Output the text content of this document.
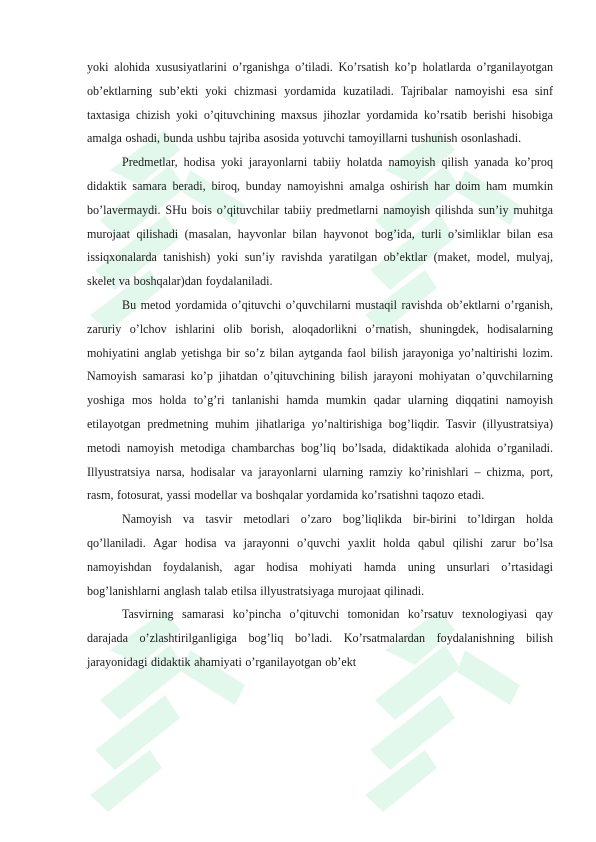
yoki alohida xususiyatlarini o’rganishga o’tiladi. Ko’rsatish ko’p holatlarda o’rganilayotgan ob’ektlarning sub’ekti yoki chizmasi yordamida kuzatiladi. Tajribalar namoyishi esa sinf taxtasiga chizish yoki o’qituvchining maxsus jihozlar yordamida ko’rsatib berishi hisobiga amalga oshadi, bunda ushbu tajriba asosida yotuvchi tamoyillarni tushunish osonlashadi.

Predmetlar, hodisa yoki jarayonlarni tabiiy holatda namoyish qilish yanada ko’proq didaktik samara beradi, biroq, bunday namoyishni amalga oshirish har doim ham mumkin bo’lavermaydi. SHu bois o’qituvchilar tabiiy predmetlarni namoyish qilishda sun’iy muhitga murojaat qilishadi (masalan, hayvonlar bilan hayvonot bog’ida, turli o’simliklar bilan esa issiqxonalarda tanishish) yoki sun’iy ravishda yaratilgan ob’ektlar (maket, model, mulyaj, skelet va boshqalar)dan foydalaniladi.

Bu metod yordamida o’qituvchi o’quvchilarni mustaqil ravishda ob’ektlarni o’rganish, zaruriy o’lchov ishlarini olib borish, aloqadorlikni o’rnatish, shuningdek, hodisalarning mohiyatini anglab yetishga bir so’z bilan aytganda faol bilish jarayoniga yo’naltirishi lozim. Namoyish samarasi ko’p jihatdan o’qituvchining bilish jarayoni mohiyatan o’quvchilarning yoshiga mos holda to’g’ri tanlanishi hamda mumkin qadar ularning diqqatini namoyish etilayotgan predmetning muhim jihatlariga yo’naltirishiga bog’liqdir. Tasvir (illyustratsiya) metodi namoyish metodiga chambarchas bog’liq bo’lsada, didaktikada alohida o’rganiladi. Illyustratsiya narsa, hodisalar va jarayonlarni ularning ramziy ko’rinishlari – chizma, port, rasm, fotosurat, yassi modellar va boshqalar yordamida ko’rsatishni taqozo etadi.

Namoyish va tasvir metodlari o’zaro bog’liqlikda bir-birini to’ldirgan holda qo’llaniladi. Agar hodisa va jarayonni o’quvchi yaxlit holda qabul qilishi zarur bo’lsa namoyishdan foydalanish, agar hodisa mohiyati hamda uning unsurlari o’rtasidagi bog’lanishlarni anglash talab etilsa illyustratsiyaga murojaat qilinadi.

Tasvirning samarasi ko’pincha o’qituvchi tomonidan ko’rsatuv texnologiyasi qay darajada o’zlashtirilganligiga bog’liq bo’ladi. Ko’rsatmalardan foydalanishning bilish jarayonidagi didaktik ahamiyati o’rganilayotgan ob’ekt
